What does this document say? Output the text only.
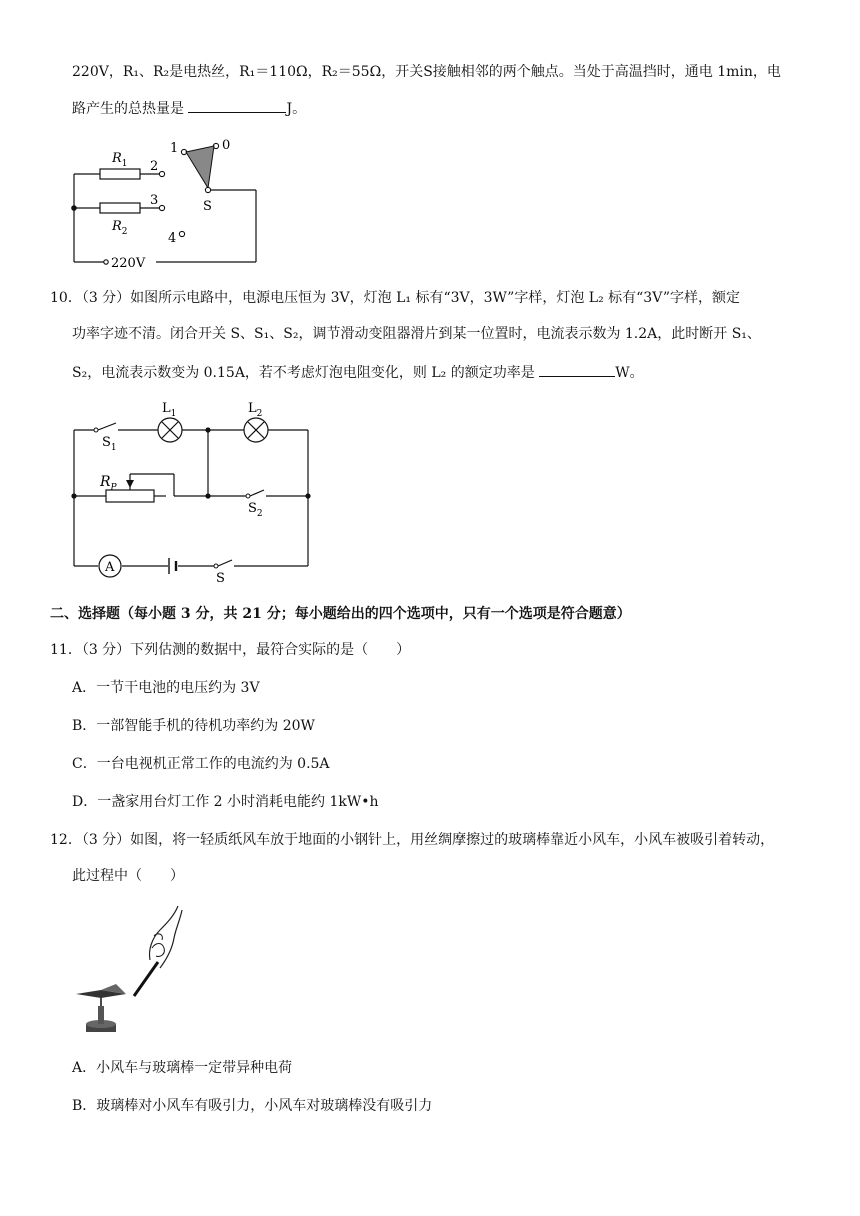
220V，R₁、R₂是电热丝，R₁＝110Ω，R₂＝55Ω，开关S接触相邻的两个触点。当处于高温挡时，通电 1min，电
路产生的总热量是	J。
$R_1$
$R_2$
2
3
4
1	0
S
220V
10．（3 分）如图所示电路中，电源电压恒为 3V，灯泡 L₁ 标有“3V，3W”字样，灯泡 L₂ 标有“3V”字样，额定
功率字迹不清。闭合开关 S、S₁、S₂，调节滑动变阻器滑片到某一位置时，电流表示数为 1.2A，此时断开 S₁、
S₂，电流表示数变为 0.15A，若不考虑灯泡电阻变化，则 L₂ 的额定功率是	W。
$S_1$
$L_1$	$L_2$
$R_P$
$S_2$
A
S
二、选择题（每小题 3 分，共 21 分；每小题给出的四个选项中，只有一个选项是符合题意）
11．（3 分）下列估测的数据中，最符合实际的是（　　）
A．一节干电池的电压约为 3V
B．一部智能手机的待机功率约为 20W
C．一台电视机正常工作的电流约为 0.5A
D．一盏家用台灯工作 2 小时消耗电能约 1kW•h
12．（3 分）如图，将一轻质纸风车放于地面的小钢针上，用丝绸摩擦过的玻璃棒靠近小风车，小风车被吸引着转动，
此过程中（　　）
A．小风车与玻璃棒一定带异种电荷
B．玻璃棒对小风车有吸引力，小风车对玻璃棒没有吸引力
